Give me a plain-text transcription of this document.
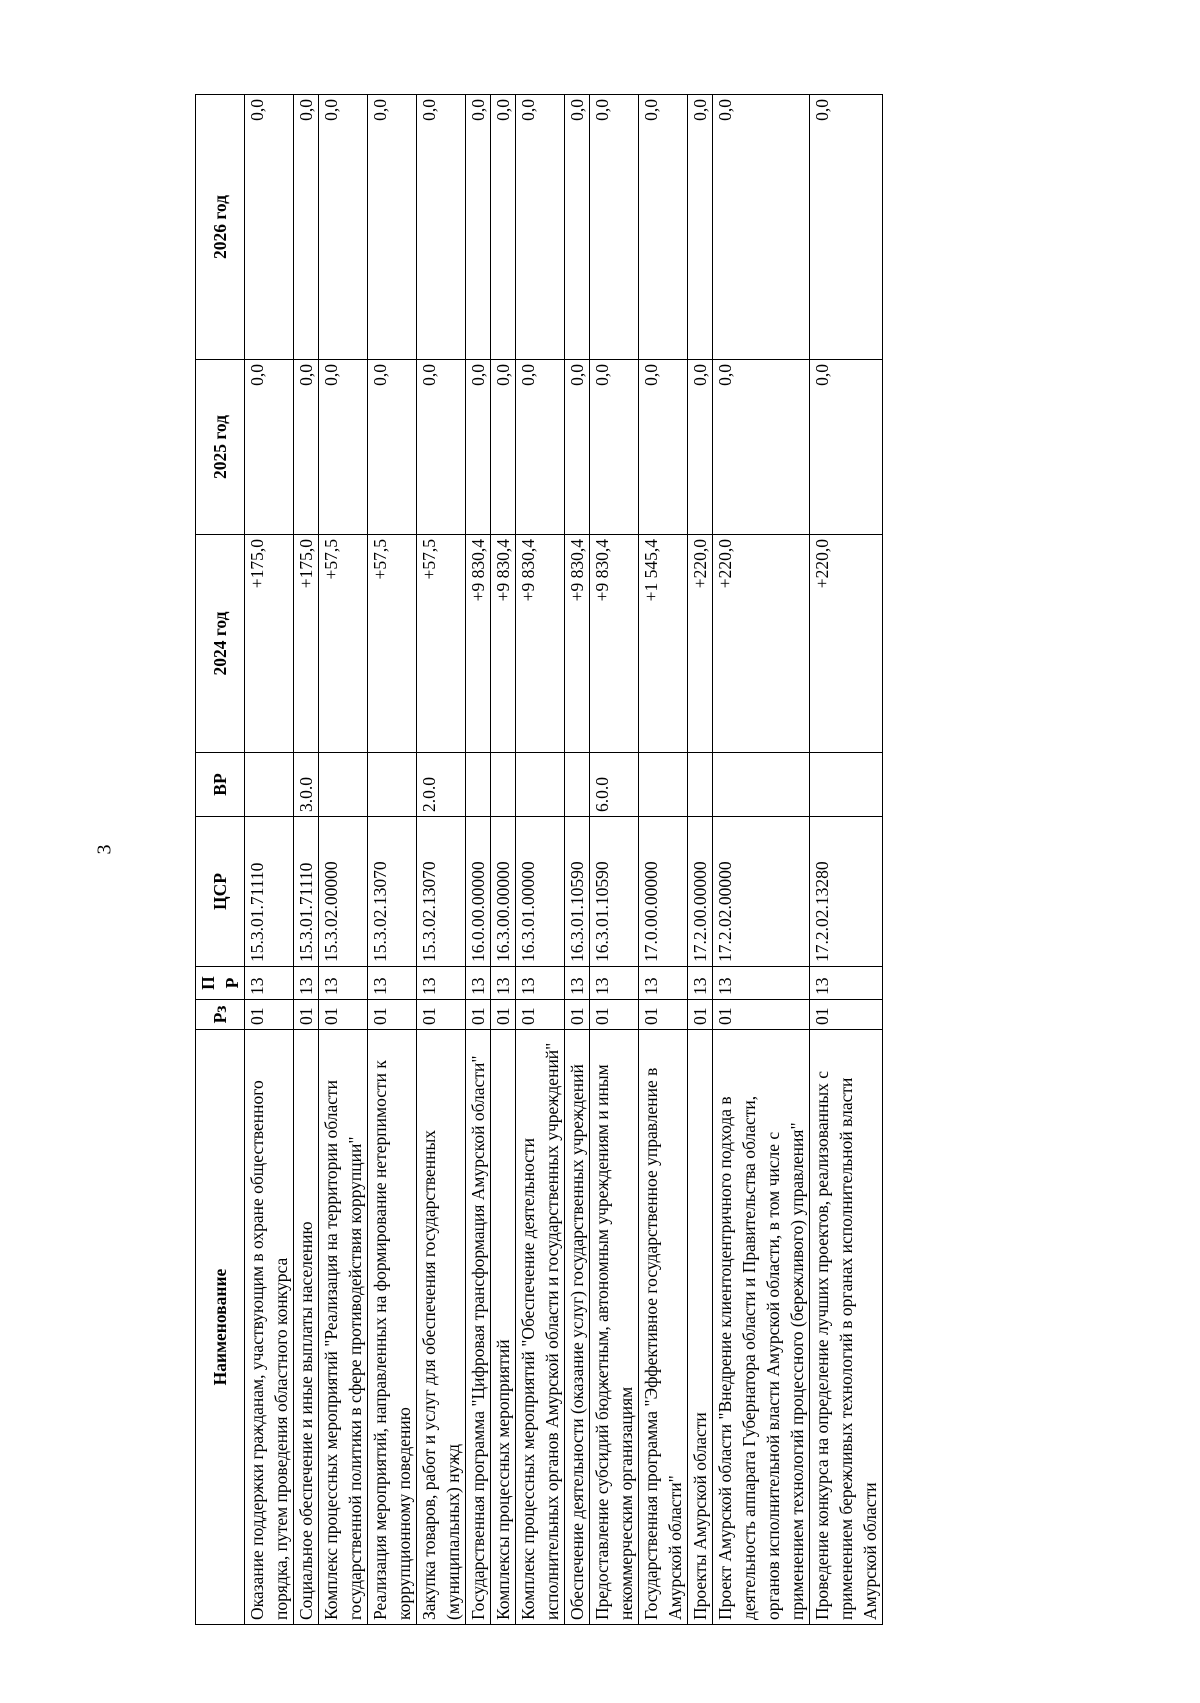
3
Наименование	Рз	ПР	ЦСР	ВР	2024 год	2025 год	2026 год
Оказание поддержки гражданам, участвующим в охране общественного порядка, путем проведения областного конкурса	01	13	15.3.01.71110		+175,0	0,0	0,0
Социальное обеспечение и иные выплаты населению	01	13	15.3.01.71110	3.0.0	+175,0	0,0	0,0
Комплекс процессных мероприятий "Реализация на территории области государственной политики в сфере противодействия коррупции"	01	13	15.3.02.00000		+57,5	0,0	0,0
Реализация мероприятий, направленных на формирование нетерпимости к коррупционному поведению	01	13	15.3.02.13070		+57,5	0,0	0,0
Закупка товаров, работ и услуг для обеспечения государственных (муниципальных) нужд	01	13	15.3.02.13070	2.0.0	+57,5	0,0	0,0
Государственная программа "Цифровая трансформация Амурской области"	01	13	16.0.00.00000		+9 830,4	0,0	0,0
Комплексы процессных мероприятий	01	13	16.3.00.00000		+9 830,4	0,0	0,0
Комплекс процессных мероприятий "Обеспечение деятельности исполнительных органов Амурской области и государственных учреждений"	01	13	16.3.01.00000		+9 830,4	0,0	0,0
Обеспечение деятельности (оказание услуг) государственных учреждений	01	13	16.3.01.10590		+9 830,4	0,0	0,0
Предоставление субсидий бюджетным, автономным учреждениям и иным некоммерческим организациям	01	13	16.3.01.10590	6.0.0	+9 830,4	0,0	0,0
Государственная программа "Эффективное государственное управление в Амурской области"	01	13	17.0.00.00000		+1 545,4	0,0	0,0
Проекты Амурской области	01	13	17.2.00.00000		+220,0	0,0	0,0
Проект Амурской области "Внедрение клиентоцентричного подхода в деятельность аппарата Губернатора области и Правительства области, органов исполнительной власти Амурской области, в том числе с применением технологий процессного (бережливого) управления"	01	13	17.2.02.00000		+220,0	0,0	0,0
Проведение конкурса на определение лучших проектов, реализованных с применением бережливых технологий в органах исполнительной власти Амурской области	01	13	17.2.02.13280		+220,0	0,0	0,0
